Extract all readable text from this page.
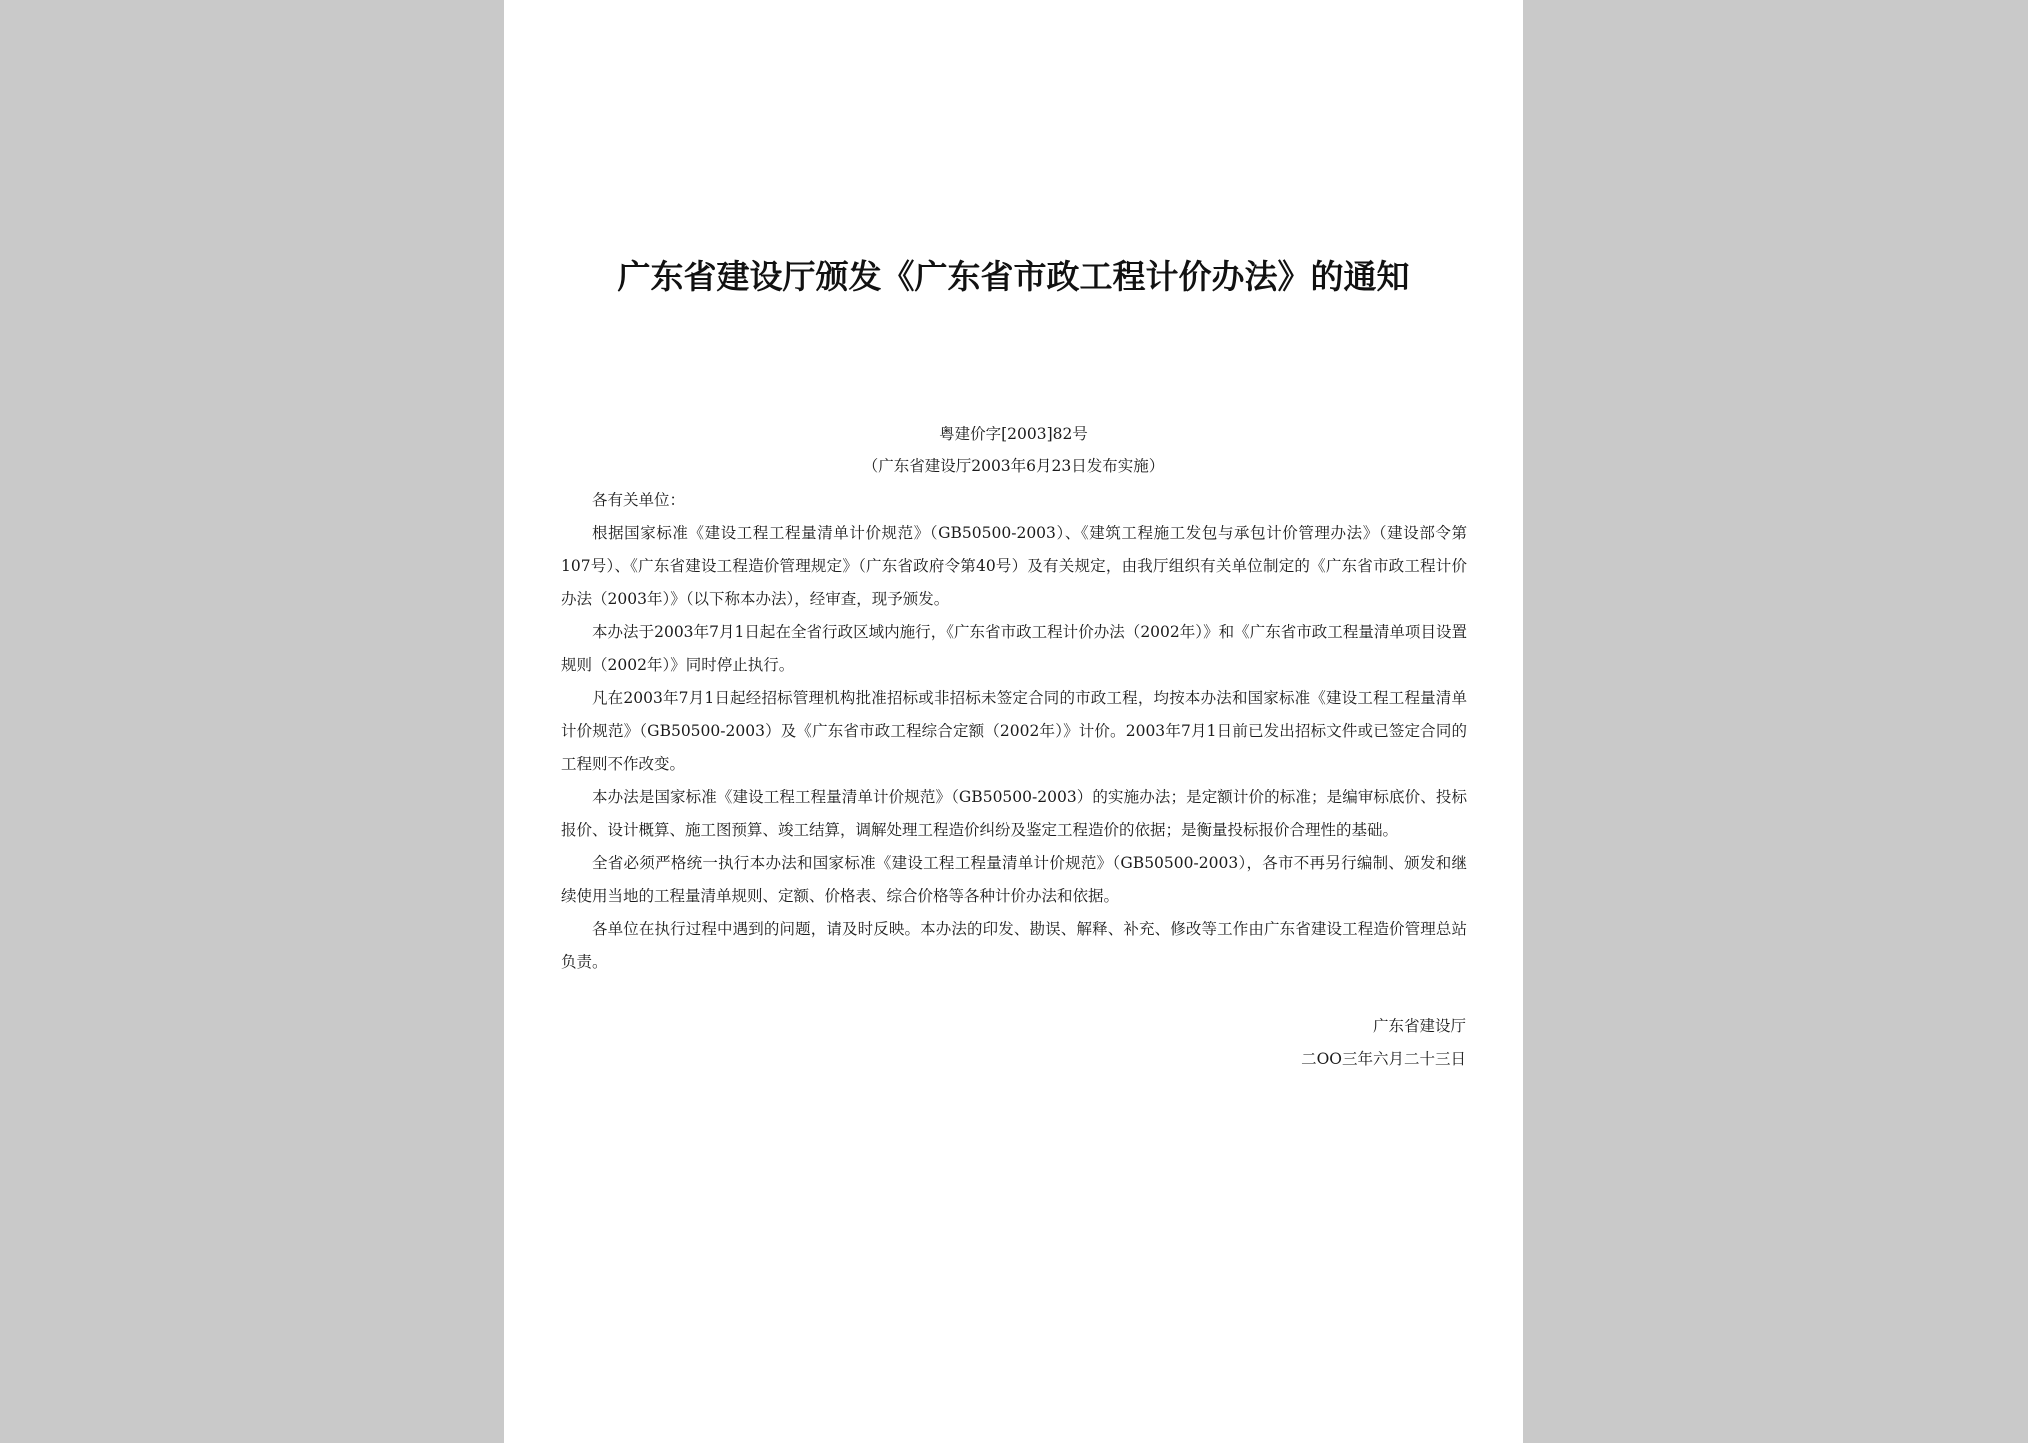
广东省建设厅颁发《广东省市政工程计价办法》的通知
粤建价字[2003]82号
（广东省建设厅2003年6月23日发布实施）

各有关单位：

根据国家标准《建设工程工程量清单计价规范》（GB50500-2003）、《建筑工程施工发包与承包计价管理办法》（建设部令第107号）、《广东省建设工程造价管理规定》（广东省政府令第40号）及有关规定，由我厅组织有关单位制定的《广东省市政工程计价办法（2003年）》（以下称本办法），经审查，现予颁发。

本办法于2003年7月1日起在全省行政区域内施行，《广东省市政工程计价办法（2002年）》和《广东省市政工程量清单项目设置规则（2002年）》同时停止执行。

凡在2003年7月1日起经招标管理机构批准招标或非招标未签定合同的市政工程，均按本办法和国家标准《建设工程工程量清单计价规范》（GB50500-2003）及《广东省市政工程综合定额（2002年）》计价。2003年7月1日前已发出招标文件或已签定合同的工程则不作改变。

本办法是国家标准《建设工程工程量清单计价规范》（GB50500-2003）的实施办法；是定额计价的标准；是编审标底价、投标报价、设计概算、施工图预算、竣工结算，调解处理工程造价纠纷及鉴定工程造价的依据；是衡量投标报价合理性的基础。

全省必须严格统一执行本办法和国家标准《建设工程工程量清单计价规范》（GB50500-2003），各市不再另行编制、颁发和继续使用当地的工程量清单规则、定额、价格表、综合价格等各种计价办法和依据。

各单位在执行过程中遇到的问题，请及时反映。本办法的印发、勘误、解释、补充、修改等工作由广东省建设工程造价管理总站负责。

广东省建设厅
二OO三年六月二十三日
